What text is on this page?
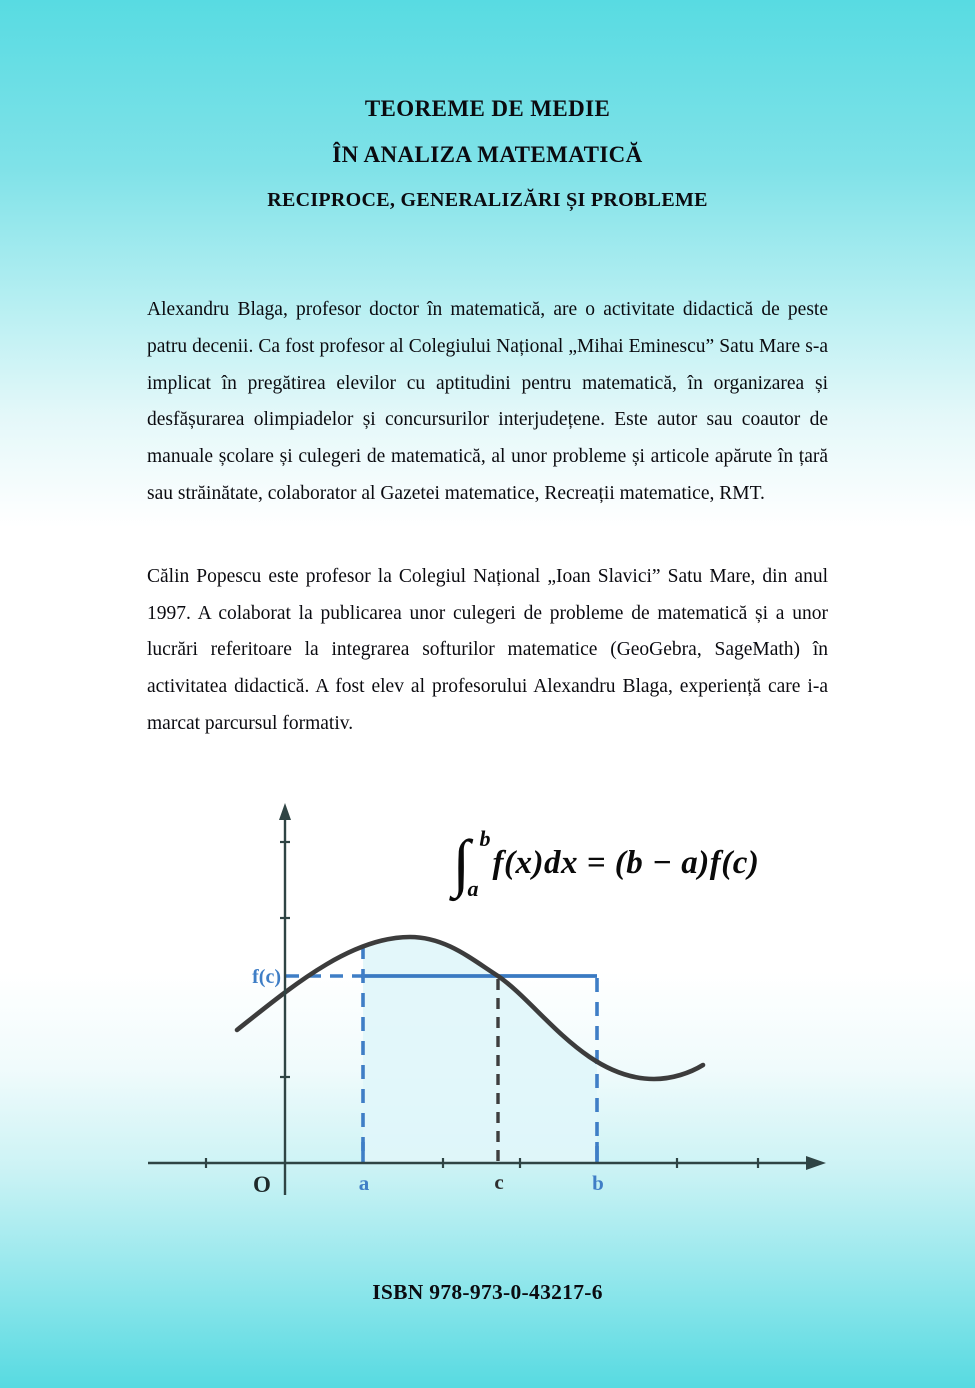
TEOREME DE MEDIE
ÎN ANALIZA MATEMATICĂ
RECIPROCE, GENERALIZĂRI ȘI PROBLEME

Alexandru Blaga, profesor doctor în matematică, are o activitate didactică de peste patru decenii. Ca fost profesor al Colegiului Național „Mihai Eminescu” Satu Mare s-a implicat în pregătirea elevilor cu aptitudini pentru matematică, în organizarea și desfășurarea olimpiadelor și concursurilor interjudețene. Este autor sau coautor de manuale școlare și culegeri de matematică, al unor probleme și articole apărute în țară sau străinătate, colaborator al Gazetei matematice, Recreații matematice, RMT.

Călin Popescu este profesor la Colegiul Național „Ioan Slavici” Satu Mare, din anul 1997. A colaborat la publicarea unor culegeri de probleme de matematică și a unor lucrări referitoare la integrarea softurilor matematice (GeoGebra, SageMath) în activitatea didactică. A fost elev al profesorului Alexandru Blaga, experiență care i-a marcat parcursul formativ.

f(c)
O	a	c	b
∫ b
a
f(x)dx = (b − a)f(c)
ISBN 978-973-0-43217-6
